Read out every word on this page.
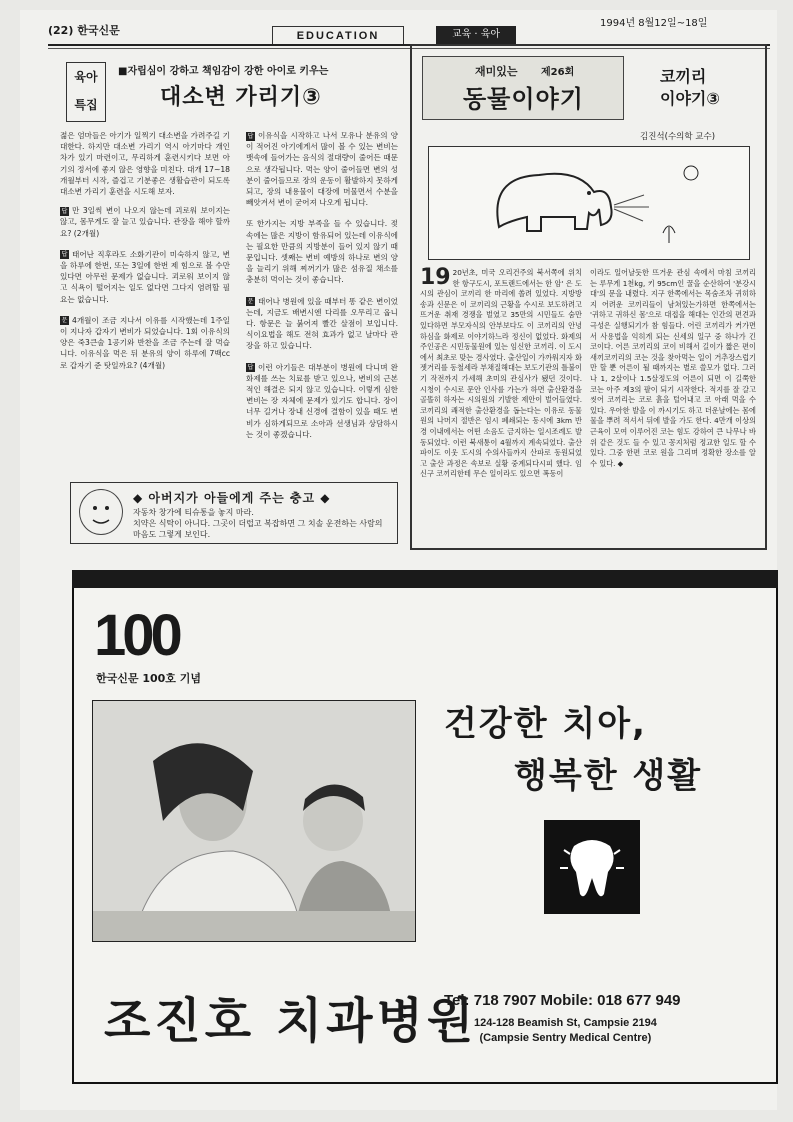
(22) 한국신문	EDUCATION	교육 · 육아
1994년 8월12일~18일
육아
특집
■자립심이 강하고 책임감이 강한 아이로 키우는
대소변 가리기③

젊은 엄마들은 아기가 일찍기 대소변을 가려주길 기대한다. 하지만 대소변 가리기 역시 아기마다 개인차가 있기 마련이고, 무리하게 훈련시키다 보면 아기의 정서에 좋지 않은 영향을 미친다. 대개 17~18개월부터 시작, 즐겁고 기분좋은 생활습관이 되도록 대소변 가리기 훈련을 시도해 보자.

답 만 3일씩 변이 나오지 않는데 괴로워 보이지는 않고, 몸무게도 잘 늘고 있습니다. 관장을 해야 할까요? (2개월)

답 태어난 직후라도 소화기관이 미숙하지 않고, 변을 하루에 한번, 또는 3일에 한번 제 힘으로 볼 수만 있다면 아무런 문제가 없습니다. 괴로워 보이지 않고 식욕이 떨어지는 일도 없다면 그다지 염려할 필요는 없습니다.

문 4개월이 조금 지나서 이유를 시작했는데 1주일이 지나자 갑자기 변비가 되었습니다. 1회 이유식의 양은 죽3큰술 1공기와 반찬을 조금 주는데 잘 먹습니다. 이유식을 먹은 뒤 분유의 양이 하루에 7백cc로 갑자기 준 탓일까요? (4개월)

답 이유식을 시작하고 나서 모유나 분유의 양이 적어진 아기에게서 많이 볼 수 있는 변비는 뱃속에 들어가는 음식의 절대량이 줄어든 때문으로 생각됩니다. 먹는 양이 줄어들면 변의 성분이 줄어들므로 장의 운동이 활발하지 못하게 되고, 장의 내용물이 대장에 머물면서 수분을 빼앗겨서 변이 굳어져 나오게 됩니다.

또 한가지는 지방 부족을 들 수 있습니다. 젖 속에는 많은 지방이 함유되어 있는데 이유식에는 필요한 만큼의 지방분이 들어 있지 않기 때문입니다. 셋째는 변비 예방의 하나로 변의 양을 늘리기 위해 찌꺼기가 많은 섬유질 채소를 충분히 먹이는 것이 좋습니다.

문 태어나 병원에 있을 때부터 똥 같은 변이었는데, 지금도 배변시엔 다리를 오무리고 웁니다. 항문은 늘 붉어져 빨간 살점이 보입니다. 식이요법을 해도 전혀 효과가 없고 날마다 관장을 하고 있습니다.

답 이런 아기들은 대부분이 병원에 다니며 완화제를 쓰는 치료를 받고 있으나, 변비의 근본적인 해결은 되지 않고 있습니다. 이렇게 심한 변비는 장 자체에 문제가 있기도 합니다. 장이 너무 길거나 장내 신경에 결함이 있을 때도 변비가 심하게되므로 소아과 선생님과 상담하시는 것이 좋겠습니다.

◆ 아버지가 아들에게 주는 충고 ◆
자동차 창가에 티슈통을 놓지 마라.
치약은 식탁이 아니다. 그곳이 더럽고 복잡하면 그 치솔 운전하는 사람의 마음도 그렇게 보인다.
재미있는 제26회
동물이야기
코끼리
이야기③
김진석(수의학 교수)
19 20년초, 미국 오리건주의 북서쪽에 위치한 항구도시, 포트랜드에서는 한 암' 은 도시의 관심이 코끼리 한 마리에 쏠려 있었다. 지방방송과 신문은 이 코끼리의 근황을 수시로 보도하려고 뜨거운 취재 경쟁을 벌였고 35만의 시민들도 숨만 있다하면 부모자식의 안부보다도 이 코끼리의 안녕하심을 화제로 이야기하느라 정신이 없었다. 화제의 주인공은 시민동물원에 있는 임신한 코끼리. 이 도시에서 최초로 맞는 경사였다. 출산일이 가까워지자 화젯거리를 동철세라 부채질해대는 보도기관의 틀불이기 작전까지 가세해 초미의 관심사가 됐던 것이다. 시청이 수시로 문안 인사를 가는가 하면 출산환경을 골똘히 하자는 시의원의 기발한 제안이 벌어들였다. 코끼리의 쾌적한 출산환경을 돕는다는 이유로 동물원의 나머지 절반은 임시 폐쇄되는 동시에 3km 반경 이내에서는 어떤 소음도 금지하는 일시조례도 발동되었다. 이런 북새통이 4월까지 계속되었다. 출산 파이도 이웃 도시의 수의사들까지 산파로 동원되었고 출산 과정은 속보로 실황 중계되다시피 했다. 임신구 코끼리한테 무슨 일이라도 있으면 폭동이
이라도 일어날듯한 뜨거운 관심 속에서 마침 코끼리는 루무게 1천kg, 키 95cm인 꿀을 순산하여 '분강시대'의 문을 내렸다. 지구 한쪽에서는 목숨조차 귀히하지 어려운 코끼리들이 남쳐있는가하면 한쪽에서는 '귀하고 귀하신 몸'으로 대접을 해대는 인간의 편견과 극성은 실행되기가 참 힘들다. 어린 코끼리가 커가면서 사용법을 익히게 되는 신세의 일구 중 하나가 긴 코이다. 어른 코끼리의 코이 비해서 길이가 짧은 편이 새끼코끼리의 코는 것을 찾아먹는 일이 거추장스럽기만 할 뿐 어른이 될 때까지는 별로 쓸모가 없다. 그러나 1, 2살이나 1.5살정도의 어른이 되면 이 길쭉한 코는 아주 제3의 팔이 되기 시작한다. 적지를 잘 갈고 씻어 코끼리는 코로 흙을 털어내고 코 아래 먹을 수 있다. 우아한 발을 이 까시기도 하고 더운날에는 몸에 물을 뿌려 적셔서 뒤에 발을 가도 한다. 4만개 이상의 근육이 모여 이루어진 코는 힘도 강하여 큰 나무나 바위 같은 것도 들 수 있고 꽁지처럼 정교한 일도 할 수 있다. 그중 한편 코로 원을 그리며 정확한 장소를 알 수 있다. ◆
100
한국신문 100호 기념
건강한 치아,
행복한 생활
조진호 치과병원
Tel: 718 7907 Mobile: 018 677 949
124-128 Beamish St, Campsie 2194
(Campsie Sentry Medical Centre)
